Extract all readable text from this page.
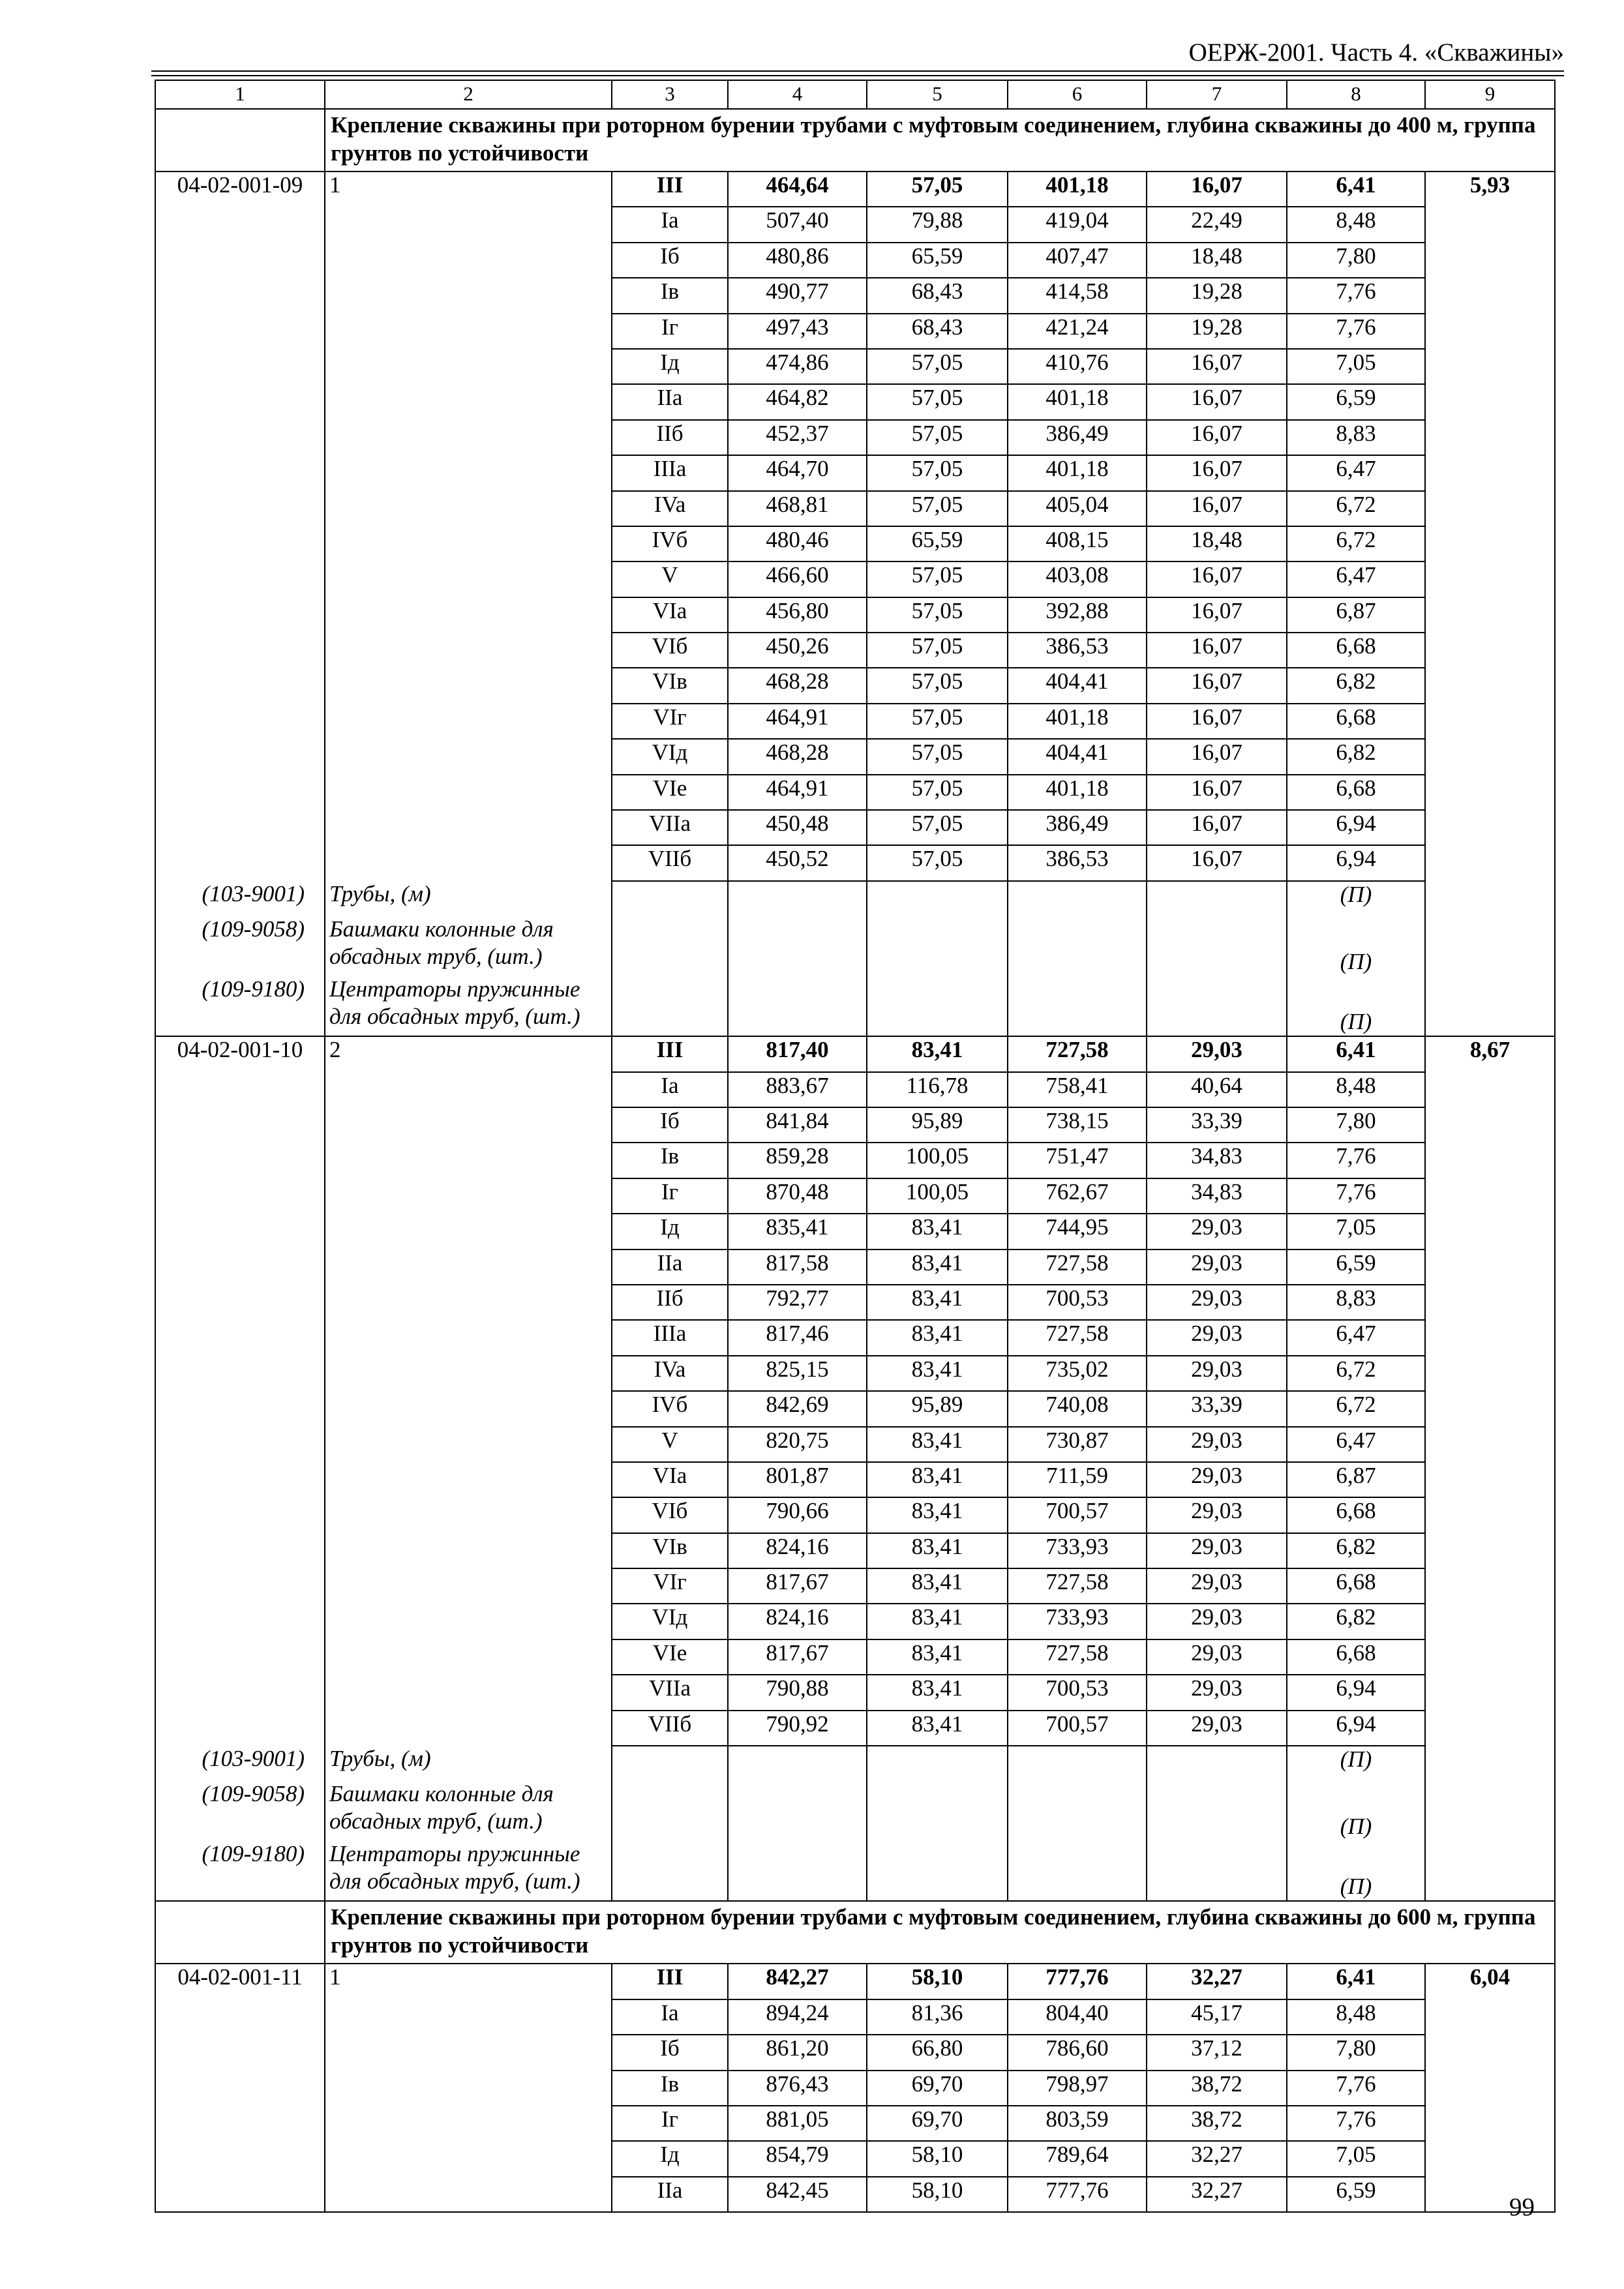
ОЕРЖ-2001. Часть 4. «Скважины»
1	2	3	4	5	6	7	8	9
	Крепление скважины при роторном бурении трубами с муфтовым соединением, глубина скважины до 400 м, группа грунтов по устойчивости							
04-02-001-09	1	III	464,64	57,05	401,18	16,07	6,41	5,93
		Ia	507,40	79,88	419,04	22,49	8,48	
		Iб	480,86	65,59	407,47	18,48	7,80	
		Iв	490,77	68,43	414,58	19,28	7,76	
		Iг	497,43	68,43	421,24	19,28	7,76	
		Iд	474,86	57,05	410,76	16,07	7,05	
		IIa	464,82	57,05	401,18	16,07	6,59	
		IIб	452,37	57,05	386,49	16,07	8,83	
		IIIa	464,70	57,05	401,18	16,07	6,47	
		IVa	468,81	57,05	405,04	16,07	6,72	
		IVб	480,46	65,59	408,15	18,48	6,72	
		V	466,60	57,05	403,08	16,07	6,47	
		VIa	456,80	57,05	392,88	16,07	6,87	
		VIб	450,26	57,05	386,53	16,07	6,68	
		VIв	468,28	57,05	404,41	16,07	6,82	
		VIг	464,91	57,05	401,18	16,07	6,68	
		VIд	468,28	57,05	404,41	16,07	6,82	
		VIe	464,91	57,05	401,18	16,07	6,68	
		VIIa	450,48	57,05	386,49	16,07	6,94	
		VIIб	450,52	57,05	386,53	16,07	6,94	
(103-9001)	Трубы, (м)						(П)	
(109-9058)	Башмаки колонные для обсадных труб, (шт.)						(П)	
(109-9180)	Центраторы пружинные для обсадных труб, (шт.)						(П)	
04-02-001-10	2	III	817,40	83,41	727,58	29,03	6,41	8,67
		Ia	883,67	116,78	758,41	40,64	8,48	
		Iб	841,84	95,89	738,15	33,39	7,80	
		Iв	859,28	100,05	751,47	34,83	7,76	
		Iг	870,48	100,05	762,67	34,83	7,76	
		Iд	835,41	83,41	744,95	29,03	7,05	
		IIa	817,58	83,41	727,58	29,03	6,59	
		IIб	792,77	83,41	700,53	29,03	8,83	
		IIIa	817,46	83,41	727,58	29,03	6,47	
		IVa	825,15	83,41	735,02	29,03	6,72	
		IVб	842,69	95,89	740,08	33,39	6,72	
		V	820,75	83,41	730,87	29,03	6,47	
		VIa	801,87	83,41	711,59	29,03	6,87	
		VIб	790,66	83,41	700,57	29,03	6,68	
		VIв	824,16	83,41	733,93	29,03	6,82	
		VIг	817,67	83,41	727,58	29,03	6,68	
		VIд	824,16	83,41	733,93	29,03	6,82	
		VIe	817,67	83,41	727,58	29,03	6,68	
		VIIa	790,88	83,41	700,53	29,03	6,94	
		VIIб	790,92	83,41	700,57	29,03	6,94	
(103-9001)	Трубы, (м)						(П)	
(109-9058)	Башмаки колонные для обсадных труб, (шт.)						(П)	
(109-9180)	Центраторы пружинные для обсадных труб, (шт.)						(П)	
	Крепление скважины при роторном бурении трубами с муфтовым соединением, глубина скважины до 600 м, группа грунтов по устойчивости							
04-02-001-11	1	III	842,27	58,10	777,76	32,27	6,41	6,04
		Ia	894,24	81,36	804,40	45,17	8,48	
		Iб	861,20	66,80	786,60	37,12	7,80	
		Iв	876,43	69,70	798,97	38,72	7,76	
		Iг	881,05	69,70	803,59	38,72	7,76	
		Iд	854,79	58,10	789,64	32,27	7,05	
		IIa	842,45	58,10	777,76	32,27	6,59	
99
